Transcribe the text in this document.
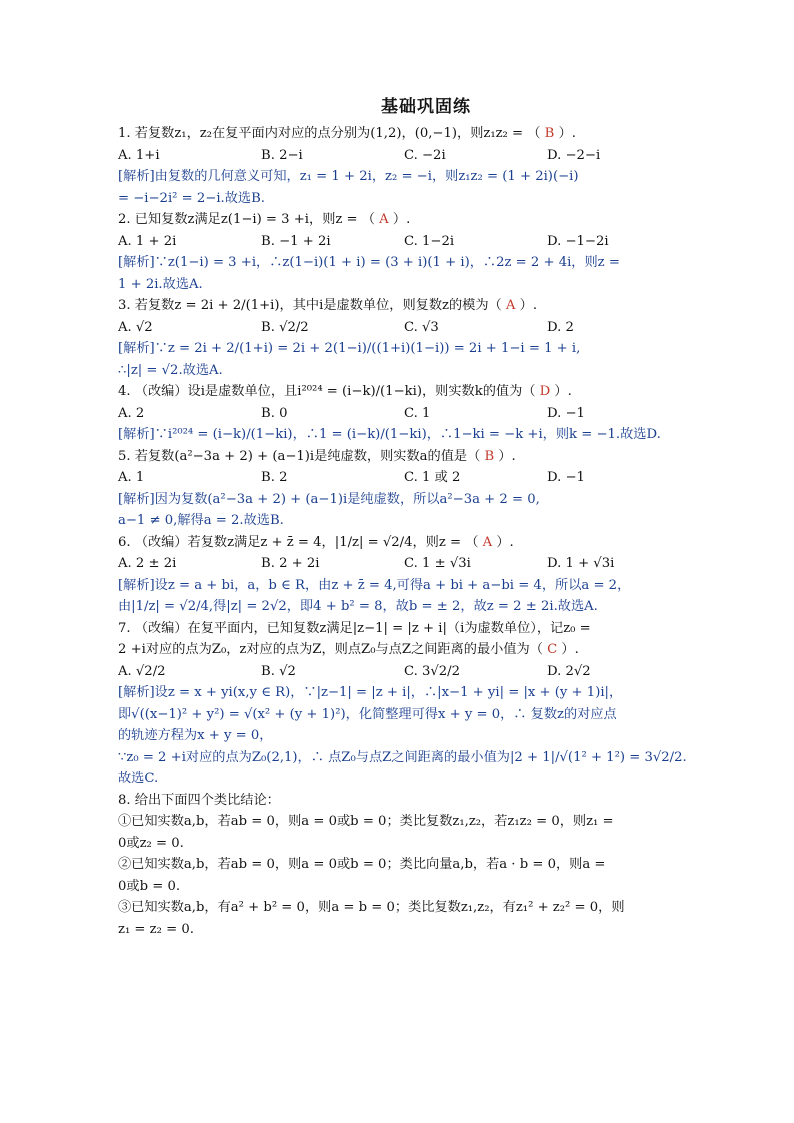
基础巩固练
1. 若复数z₁，z₂在复平面内对应的点分别为(1,2)，(0,−1)，则z₁z₂ = （ B ）.
A. 1+i	B. 2−i	C. −2i	D. −2−i
[解析]由复数的几何意义可知，z₁ = 1 + 2i，z₂ = −i，则z₁z₂ = (1 + 2i)(−i)
= −i−2i² = 2−i.故选B.
2. 已知复数z满足z(1−i) = 3 +i，则z = （ A ）.
A. 1 + 2i	B. −1 + 2i	C. 1−2i	D. −1−2i
[解析]∵z(1−i) = 3 +i，∴z(1−i)(1 + i) = (3 + i)(1 + i)，∴2z = 2 + 4i，则z =
1 + 2i.故选A.
3. 若复数z = 2i + 2/(1+i)，其中i是虚数单位，则复数z的模为（ A ）.
A. √2	B. √2/2	C. √3	D. 2
[解析]∵z = 2i + 2/(1+i) = 2i + 2(1−i)/((1+i)(1−i)) = 2i + 1−i = 1 + i,
∴|z| = √2.故选A.
4. （改编）设i是虚数单位，且i²⁰²⁴ = (i−k)/(1−ki)，则实数k的值为（ D ）.
A. 2	B. 0	C. 1	D. −1
[解析]∵i²⁰²⁴ = (i−k)/(1−ki)，∴1 = (i−k)/(1−ki)，∴1−ki = −k +i，则k = −1.故选D.
5. 若复数(a²−3a + 2) + (a−1)i是纯虚数，则实数a的值是（ B ）.
A. 1	B. 2	C. 1 或 2	D. −1
[解析]因为复数(a²−3a + 2) + (a−1)i是纯虚数，所以a²−3a + 2 = 0,
a−1 ≠ 0,解得a = 2.故选B.
6. （改编）若复数z满足z + z̄ = 4，|1/z| = √2/4，则z = （ A ）.
A. 2 ± 2i	B. 2 + 2i	C. 1 ± √3i	D. 1 + √3i
[解析]设z = a + bi，a，b ∈ R，由z + z̄ = 4,可得a + bi + a−bi = 4，所以a = 2，
由|1/z| = √2/4,得|z| = 2√2，即4 + b² = 8，故b = ± 2，故z = 2 ± 2i.故选A.
7. （改编）在复平面内，已知复数z满足|z−1| = |z + i|（i为虚数单位），记z₀ =
2 +i对应的点为Z₀，z对应的点为Z，则点Z₀与点Z之间距离的最小值为（ C ）.
A. √2/2	B. √2	C. 3√2/2	D. 2√2
[解析]设z = x + yi(x,y ∈ R)，∵|z−1| = |z + i|，∴|x−1 + yi| = |x + (y + 1)i|，
即√((x−1)² + y²) = √(x² + (y + 1)²)，化简整理可得x + y = 0，∴ 复数z的对应点
的轨迹方程为x + y = 0，
∵z₀ = 2 +i对应的点为Z₀(2,1)，∴ 点Z₀与点Z之间距离的最小值为|2 + 1|/√(1² + 1²) = 3√2/2.
故选C.
8. 给出下面四个类比结论：
①已知实数a,b，若ab = 0，则a = 0或b = 0；类比复数z₁,z₂，若z₁z₂ = 0，则z₁ =
0或z₂ = 0.
②已知实数a,b，若ab = 0，则a = 0或b = 0；类比向量a,b，若a · b = 0，则a =
0或b = 0.
③已知实数a,b，有a² + b² = 0，则a = b = 0；类比复数z₁,z₂，有z₁² + z₂² = 0，则
z₁ = z₂ = 0.
